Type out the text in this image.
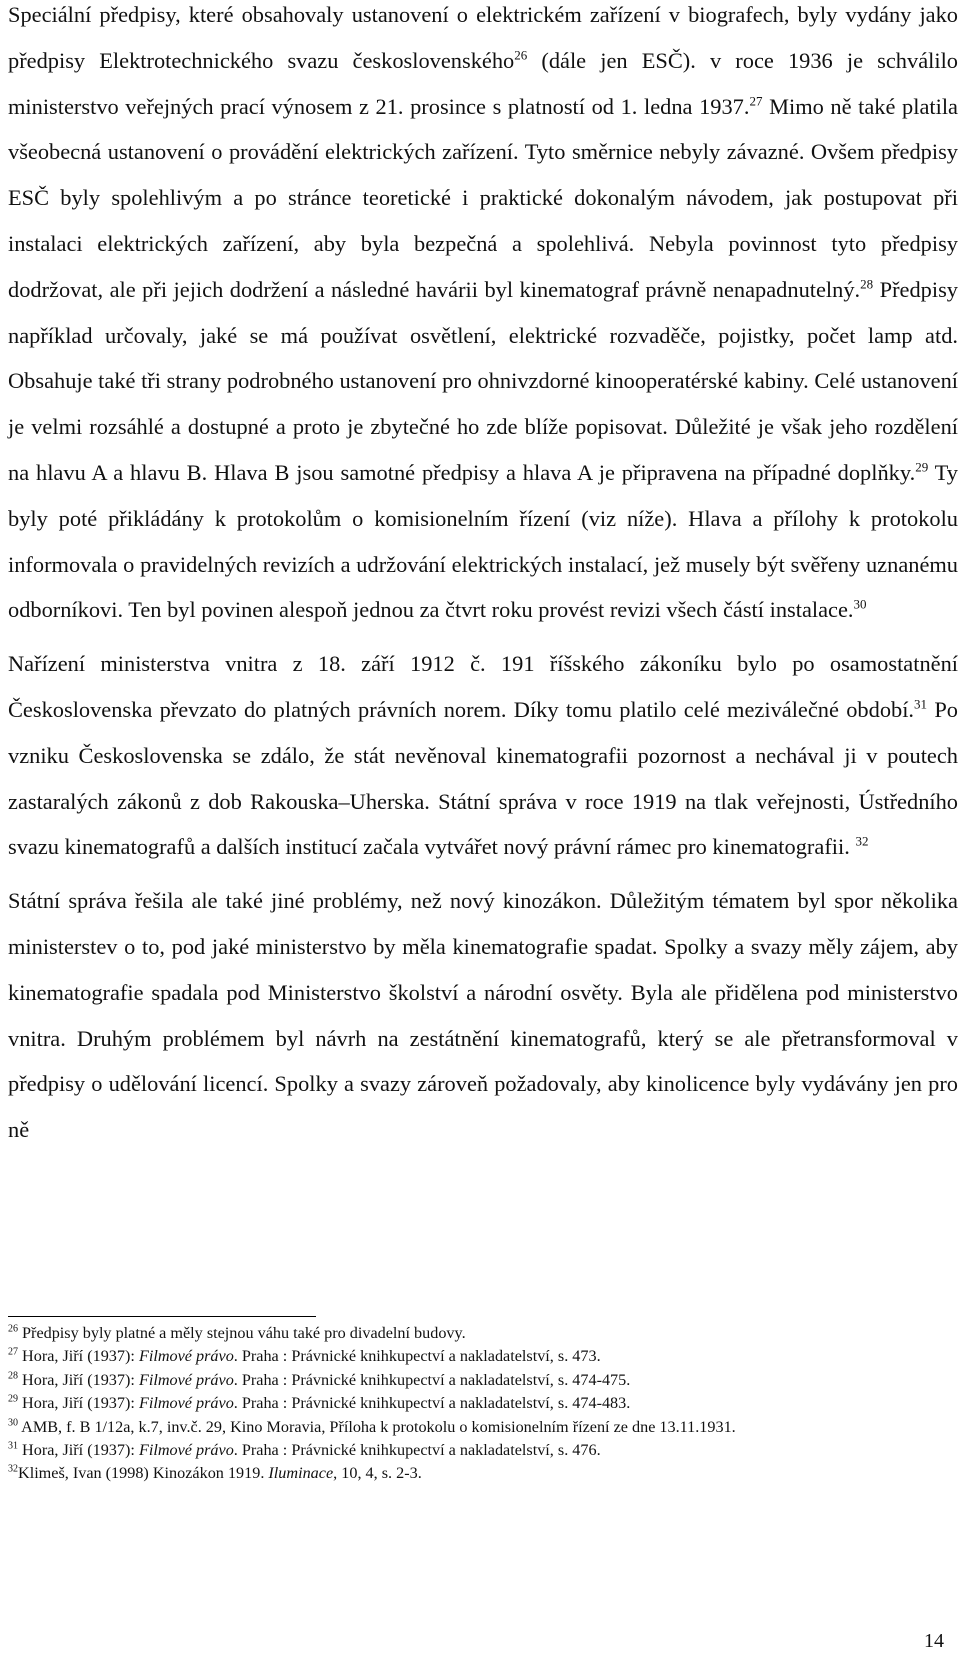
Speciální předpisy, které obsahovaly ustanovení o elektrickém zařízení v biografech, byly vydány jako předpisy Elektrotechnického svazu československého$^{26}$ (dále jen ESČ). v roce 1936 je schválilo ministerstvo veřejných prací výnosem z 21. prosince s platností od 1. ledna 1937.27 Mimo ně také platila všeobecná ustanovení o provádění elektrických zařízení. Tyto směrnice nebyly závazné. Ovšem předpisy ESČ byly spolehlivým a po stránce teoretické i praktické dokonalým návodem, jak postupovat při instalaci elektrických zařízení, aby byla bezpečná a spolehlivá. Nebyla povinnost tyto předpisy dodržovat, ale při jejich dodržení a následné havárii byl kinematograf právně nenapadnutelný.$^{28}$ Předpisy například určovaly, jaké se má používat osvětlení, elektrické rozvaděče, pojistky, počet lamp atd. Obsahuje také tři strany podrobného ustanovení pro ohnivzdorné kinooperatérské kabiny. Celé ustanovení je velmi rozsáhlé a dostupné a proto je zbytečné ho zde blíže popisovat. Důležité je však jeho rozdělení na hlavu A a hlavu B. Hlava B jsou samotné předpisy a hlava A je připravena na případné doplňky.$^{29}$ Ty byly poté přikládány k protokolům o komisionelním řízení (viz níže). Hlava a přílohy k protokolu informovala o pravidelných revizích a udržování elektrických instalací, jež musely být svěřeny uznanému odborníkovi. Ten byl povinen alespoň jednou za čtvrt roku provést revizi všech částí instalace.$^{30}$

Nařízení ministerstva vnitra z 18. září 1912 č. 191 říšského zákoníku bylo po osamostatnění Československa převzato do platných právních norem. Díky tomu platilo celé meziválečné období.$^{31}$ Po vzniku Československa se zdálo, že stát nevěnoval kinematografii pozornost a nechával ji v poutech zastaralých zákonů z dob Rakouska–Uherska. Státní správa v roce 1919 na tlak veřejnosti, Ústředního svazu kinematografů a dalších institucí začala vytvářet nový právní rámec pro kinematografii. $^{32}$

Státní správa řešila ale také jiné problémy, než nový kinozákon. Důležitým tématem byl spor několika ministerstev o to, pod jaké ministerstvo by měla kinematografie spadat. Spolky a svazy měly zájem, aby kinematografie spadala pod Ministerstvo školství a národní osvěty. Byla ale přidělena pod ministerstvo vnitra. Druhým problémem byl návrh na zestátnění kinematografů, který se ale přetransformoval v předpisy o udělování licencí. Spolky a svazy zároveň požadovaly, aby kinolicence byly vydávány jen pro ně

$^{26}$ Předpisy byly platné a měly stejnou váhu také pro divadelní budovy.

$^{27}$ Hora, Jiří (1937): Filmové právo. Praha : Právnické knihkupectví a nakladatelství, s. 473.

$^{28}$ Hora, Jiří (1937): Filmové právo. Praha : Právnické knihkupectví a nakladatelství, s. 474-475.

$^{29}$ Hora, Jiří (1937): Filmové právo. Praha : Právnické knihkupectví a nakladatelství, s. 474-483.

$^{30}$ AMB, f. B 1/12a, k.7, inv.č. 29, Kino Moravia, Příloha k protokolu o komisionelním řízení ze dne 13.11.1931.

$^{31}$ Hora, Jiří (1937): Filmové právo. Praha : Právnické knihkupectví a nakladatelství, s. 476.

$^{32}$Klimeš, Ivan (1998) Kinozákon 1919. Iluminace, 10, 4, s. 2-3.

14
